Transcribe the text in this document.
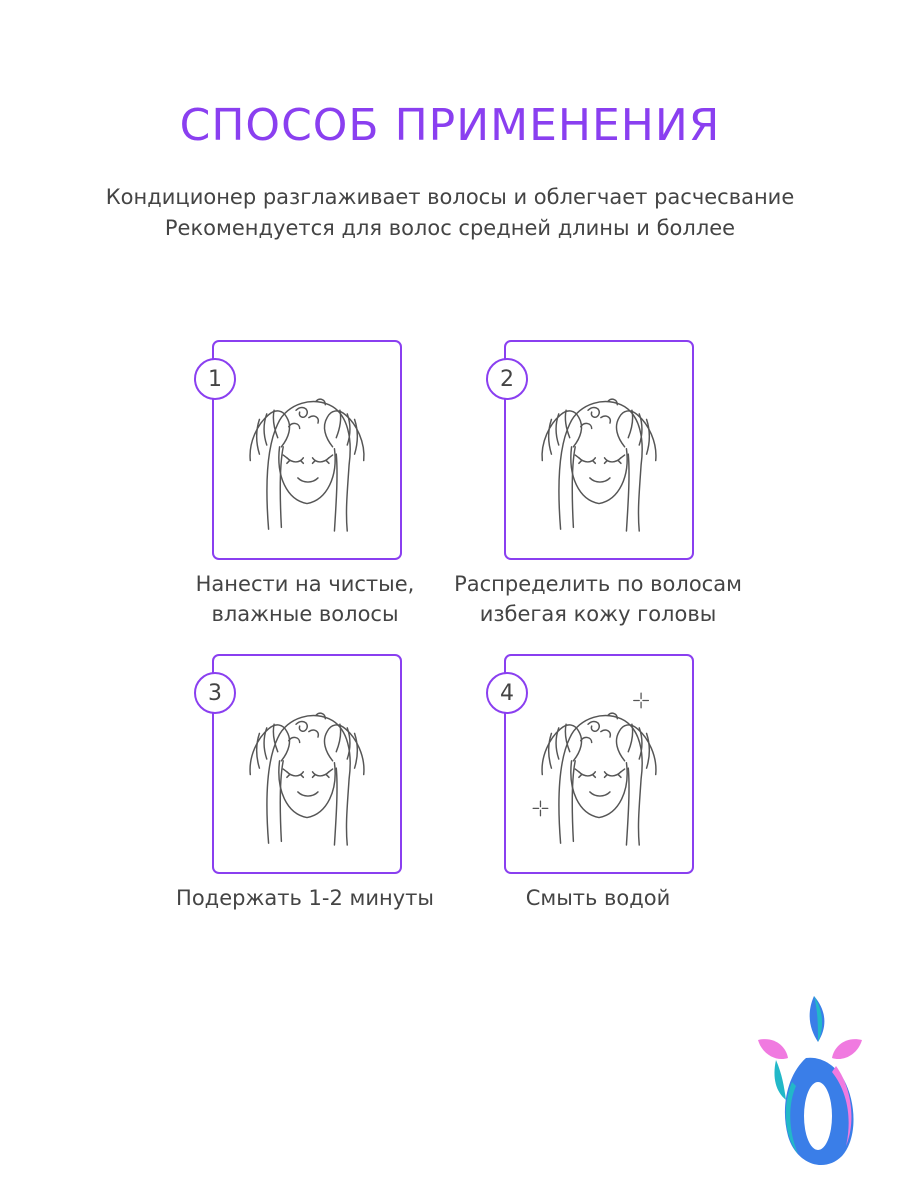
СПОСОБ ПРИМЕНЕНИЯ
Кондиционер разглаживает волосы и облегчает расчесвание
Рекомендуется для волос средней длины и боллее
1
Нанести на чистые,
влажные волосы
2
Распределить по волосам
избегая кожу головы
3
Подержать 1-2 минуты
4
Смыть водой
